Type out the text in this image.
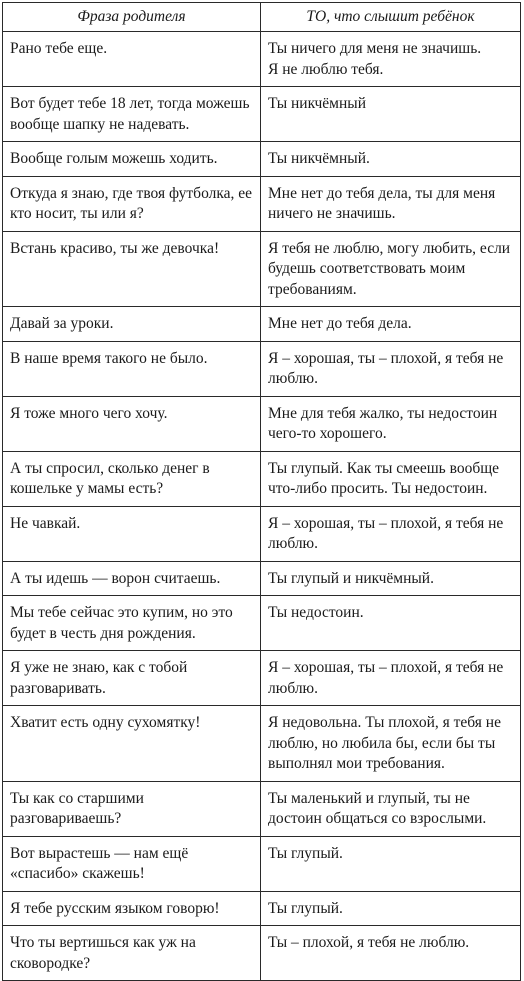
Фраза родителя	ТО, что слышит ребёнок
Рано тебе еще.	Ты ничего для меня не значишь.
Я не люблю тебя.
Вот будет тебе 18 лет, тогда можешь вообще шапку не надевать.	Ты никчёмный
Вообще голым можешь ходить.	Ты никчёмный.
Откуда я знаю, где твоя футболка, ее кто носит, ты или я?	Мне нет до тебя дела, ты для меня ничего не значишь.
Встань красиво, ты же девочка!	Я тебя не люблю, могу любить, если будешь соответствовать моим требованиям.
Давай за уроки.	Мне нет до тебя дела.
В наше время такого не было.	Я – хорошая, ты – плохой, я тебя не люблю.
Я тоже много чего хочу.	Мне для тебя жалко, ты недостоин чего-то хорошего.
А ты спросил, сколько денег в кошельке у мамы есть?	Ты глупый. Как ты смеешь вообще что-либо просить. Ты недостоин.
Не чавкай.	Я – хорошая, ты – плохой, я тебя не люблю.
А ты идешь — ворон считаешь.	Ты глупый и никчёмный.
Мы тебе сейчас это купим, но это будет в честь дня рождения.	Ты недостоин.
Я уже не знаю, как с тобой разговаривать.	Я – хорошая, ты – плохой, я тебя не люблю.
Хватит есть одну сухомятку!	Я недовольна. Ты плохой, я тебя не люблю, но любила бы, если бы ты выполнял мои требования.
Ты как со старшими разговариваешь?	Ты маленький и глупый, ты не достоин общаться со взрослыми.
Вот вырастешь — нам ещё «спасибо» скажешь!	Ты глупый.
Я тебе русским языком говорю!	Ты глупый.
Что ты вертишься как уж на сковородке?	Ты – плохой, я тебя не люблю.
